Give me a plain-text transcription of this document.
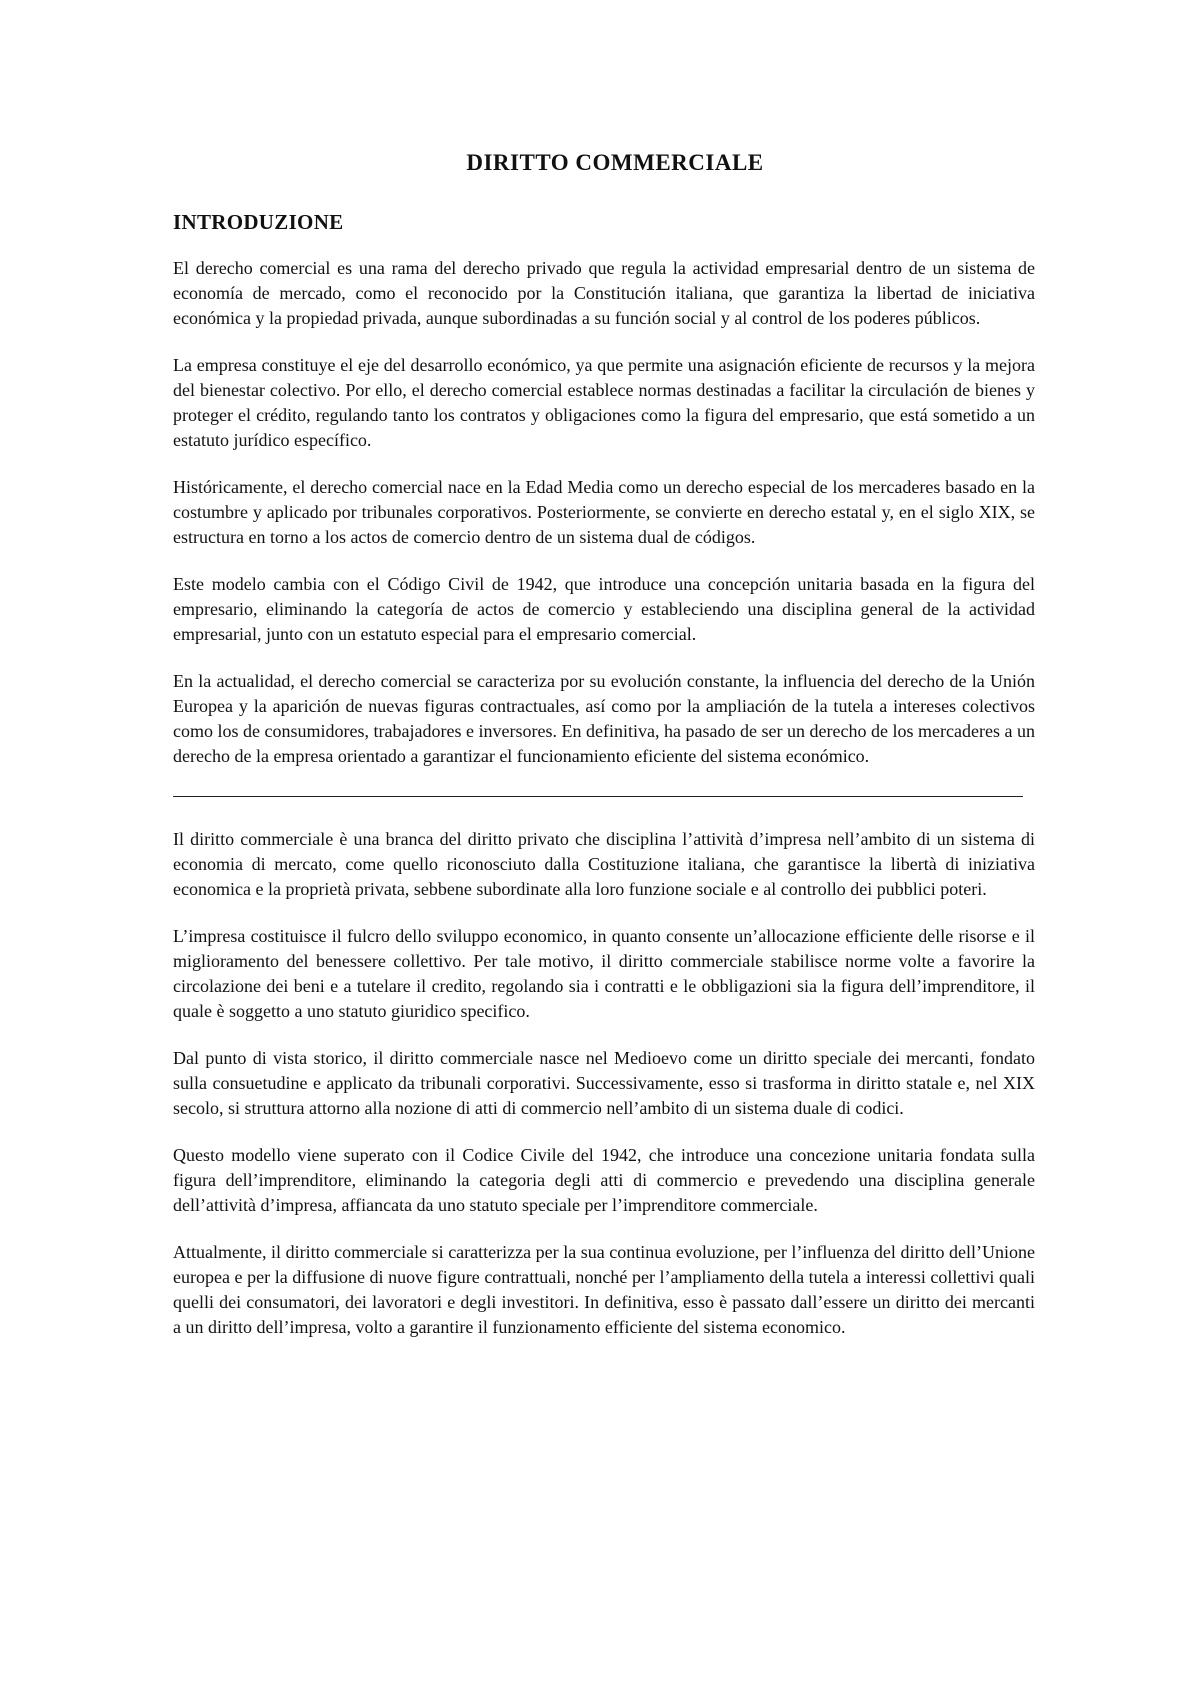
DIRITTO COMMERCIALE
INTRODUZIONE

El derecho comercial es una rama del derecho privado que regula la actividad empresarial dentro de un sistema de economía de mercado, como el reconocido por la Constitución italiana, que garantiza la libertad de iniciativa económica y la propiedad privada, aunque subordinadas a su función social y al control de los poderes públicos.

La empresa constituye el eje del desarrollo económico, ya que permite una asignación eficiente de recursos y la mejora del bienestar colectivo. Por ello, el derecho comercial establece normas destinadas a facilitar la circulación de bienes y proteger el crédito, regulando tanto los contratos y obligaciones como la figura del empresario, que está sometido a un estatuto jurídico específico.

Históricamente, el derecho comercial nace en la Edad Media como un derecho especial de los mercaderes basado en la costumbre y aplicado por tribunales corporativos. Posteriormente, se convierte en derecho estatal y, en el siglo XIX, se estructura en torno a los actos de comercio dentro de un sistema dual de códigos.

Este modelo cambia con el Código Civil de 1942, que introduce una concepción unitaria basada en la figura del empresario, eliminando la categoría de actos de comercio y estableciendo una disciplina general de la actividad empresarial, junto con un estatuto especial para el empresario comercial.

En la actualidad, el derecho comercial se caracteriza por su evolución constante, la influencia del derecho de la Unión Europea y la aparición de nuevas figuras contractuales, así como por la ampliación de la tutela a intereses colectivos como los de consumidores, trabajadores e inversores. En definitiva, ha pasado de ser un derecho de los mercaderes a un derecho de la empresa orientado a garantizar el funcionamiento eficiente del sistema económico.

Il diritto commerciale è una branca del diritto privato che disciplina l’attività d’impresa nell’ambito di un sistema di economia di mercato, come quello riconosciuto dalla Costituzione italiana, che garantisce la libertà di iniziativa economica e la proprietà privata, sebbene subordinate alla loro funzione sociale e al controllo dei pubblici poteri.

L’impresa costituisce il fulcro dello sviluppo economico, in quanto consente un’allocazione efficiente delle risorse e il miglioramento del benessere collettivo. Per tale motivo, il diritto commerciale stabilisce norme volte a favorire la circolazione dei beni e a tutelare il credito, regolando sia i contratti e le obbligazioni sia la figura dell’imprenditore, il quale è soggetto a uno statuto giuridico specifico.

Dal punto di vista storico, il diritto commerciale nasce nel Medioevo come un diritto speciale dei mercanti, fondato sulla consuetudine e applicato da tribunali corporativi. Successivamente, esso si trasforma in diritto statale e, nel XIX secolo, si struttura attorno alla nozione di atti di commercio nell’ambito di un sistema duale di codici.

Questo modello viene superato con il Codice Civile del 1942, che introduce una concezione unitaria fondata sulla figura dell’imprenditore, eliminando la categoria degli atti di commercio e prevedendo una disciplina generale dell’attività d’impresa, affiancata da uno statuto speciale per l’imprenditore commerciale.

Attualmente, il diritto commerciale si caratterizza per la sua continua evoluzione, per l’influenza del diritto dell’Unione europea e per la diffusione di nuove figure contrattuali, nonché per l’ampliamento della tutela a interessi collettivi quali quelli dei consumatori, dei lavoratori e degli investitori. In definitiva, esso è passato dall’essere un diritto dei mercanti a un diritto dell’impresa, volto a garantire il funzionamento efficiente del sistema economico.
